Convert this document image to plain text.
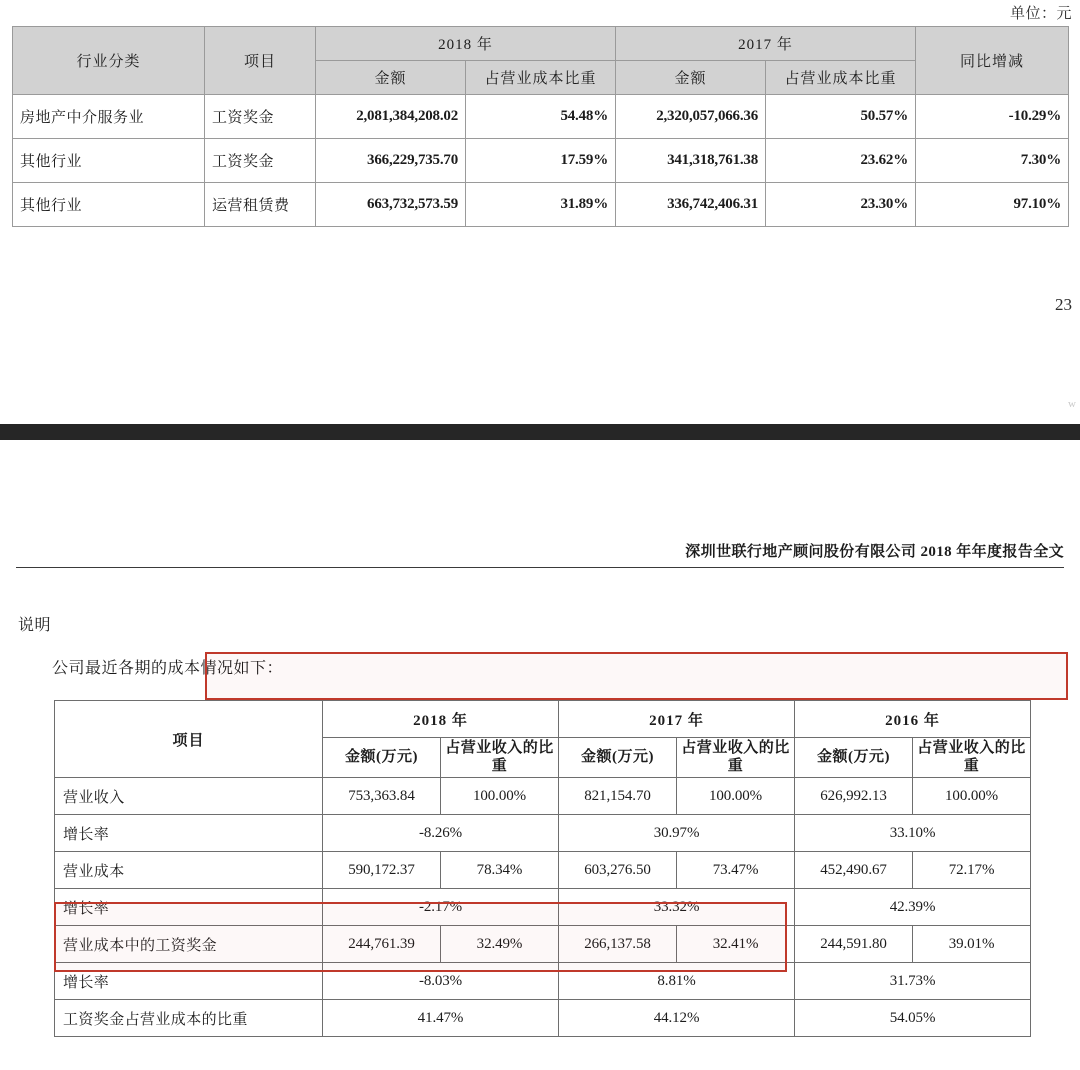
单位：元
行业分类	项目	2018 年		2017 年		同比增减
		金额	占营业成本比重	金额	占营业成本比重	
房地产中介服务业	工资奖金	2,081,384,208.02	54.48%	2,320,057,066.36	50.57%	-10.29%
其他行业	工资奖金	366,229,735.70	17.59%	341,318,761.38	23.62%	7.30%
其他行业	运营租赁费	663,732,573.59	31.89%	336,742,406.31	23.30%	97.10%
23
w
深圳世联行地产顾问股份有限公司 2018 年年度报告全文
说明
公司最近各期的成本情况如下：
项目	2018 年		2017 年		2016 年	
	金额(万元)	占营业收入的比重	金额(万元)	占营业收入的比重	金额(万元)	占营业收入的比重
营业收入	753,363.84	100.00%	821,154.70	100.00%	626,992.13	100.00%
增长率	-8.26%		30.97%		33.10%	
营业成本	590,172.37	78.34%	603,276.50	73.47%	452,490.67	72.17%
增长率	-2.17%		33.32%		42.39%	
营业成本中的工资奖金	244,761.39	32.49%	266,137.58	32.41%	244,591.80	39.01%
增长率	-8.03%		8.81%		31.73%	
工资奖金占营业成本的比重	41.47%		44.12%		54.05%	
